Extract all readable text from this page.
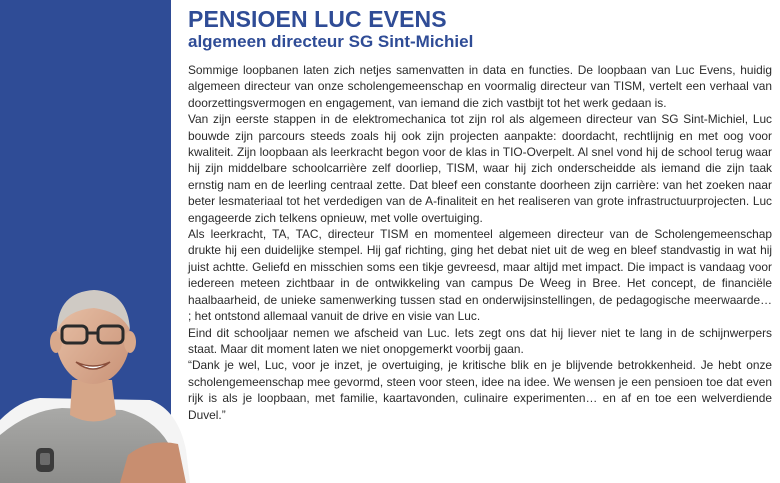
PENSIOEN LUC EVENS
algemeen directeur SG Sint-Michiel

Sommige loopbanen laten zich netjes samenvatten in data en functies. De loopbaan van Luc Evens, huidig algemeen directeur van onze scholengemeenschap en voormalig directeur van TISM, vertelt een verhaal van doorzettingsvermogen en engagement, van iemand die zich vastbijt tot het werk gedaan is.

Van zijn eerste stappen in de elektromechanica tot zijn rol als algemeen directeur van SG Sint-Michiel, Luc bouwde zijn parcours steeds zoals hij ook zijn projecten aanpakte: doordacht, rechtlijnig en met oog voor kwaliteit. Zijn loopbaan als leerkracht begon voor de klas in TIO-Overpelt. Al snel vond hij de school terug waar hij zijn middelbare schoolcarrière zelf doorliep, TISM, waar hij zich onderscheidde als iemand die zijn taak ernstig nam en de leerling centraal zette. Dat bleef een constante doorheen zijn carrière: van het zoeken naar beter lesmateriaal tot het verdedigen van de A-finaliteit en het realiseren van grote infrastructuurprojecten. Luc engageerde zich telkens opnieuw, met volle overtuiging.

Als leerkracht, TA, TAC, directeur TISM en momenteel algemeen directeur van de Scholengemeenschap drukte hij een duidelijke stempel. Hij gaf richting, ging het debat niet uit de weg en bleef standvastig in wat hij juist achtte. Geliefd en misschien soms een tikje gevreesd, maar altijd met impact. Die impact is vandaag voor iedereen meteen zichtbaar in de ontwikkeling van campus De Weeg in Bree. Het concept, de financiële haalbaarheid, de unieke samenwerking tussen stad en onderwijsinstellingen, de pedagogische meerwaarde… ; het ontstond allemaal vanuit de drive en visie van Luc.

Eind dit schooljaar nemen we afscheid van Luc. Iets zegt ons dat hij liever niet te lang in de schijnwerpers staat. Maar dit moment laten we niet onopgemerkt voorbij gaan.

“Dank je wel, Luc, voor je inzet, je overtuiging, je kritische blik en je blijvende betrokkenheid. Je hebt onze scholengemeenschap mee gevormd, steen voor steen, idee na idee. We wensen je een pensioen toe dat even rijk is als je loopbaan, met familie, kaartavonden, culinaire experimenten… en af en toe een welverdiende Duvel.”
